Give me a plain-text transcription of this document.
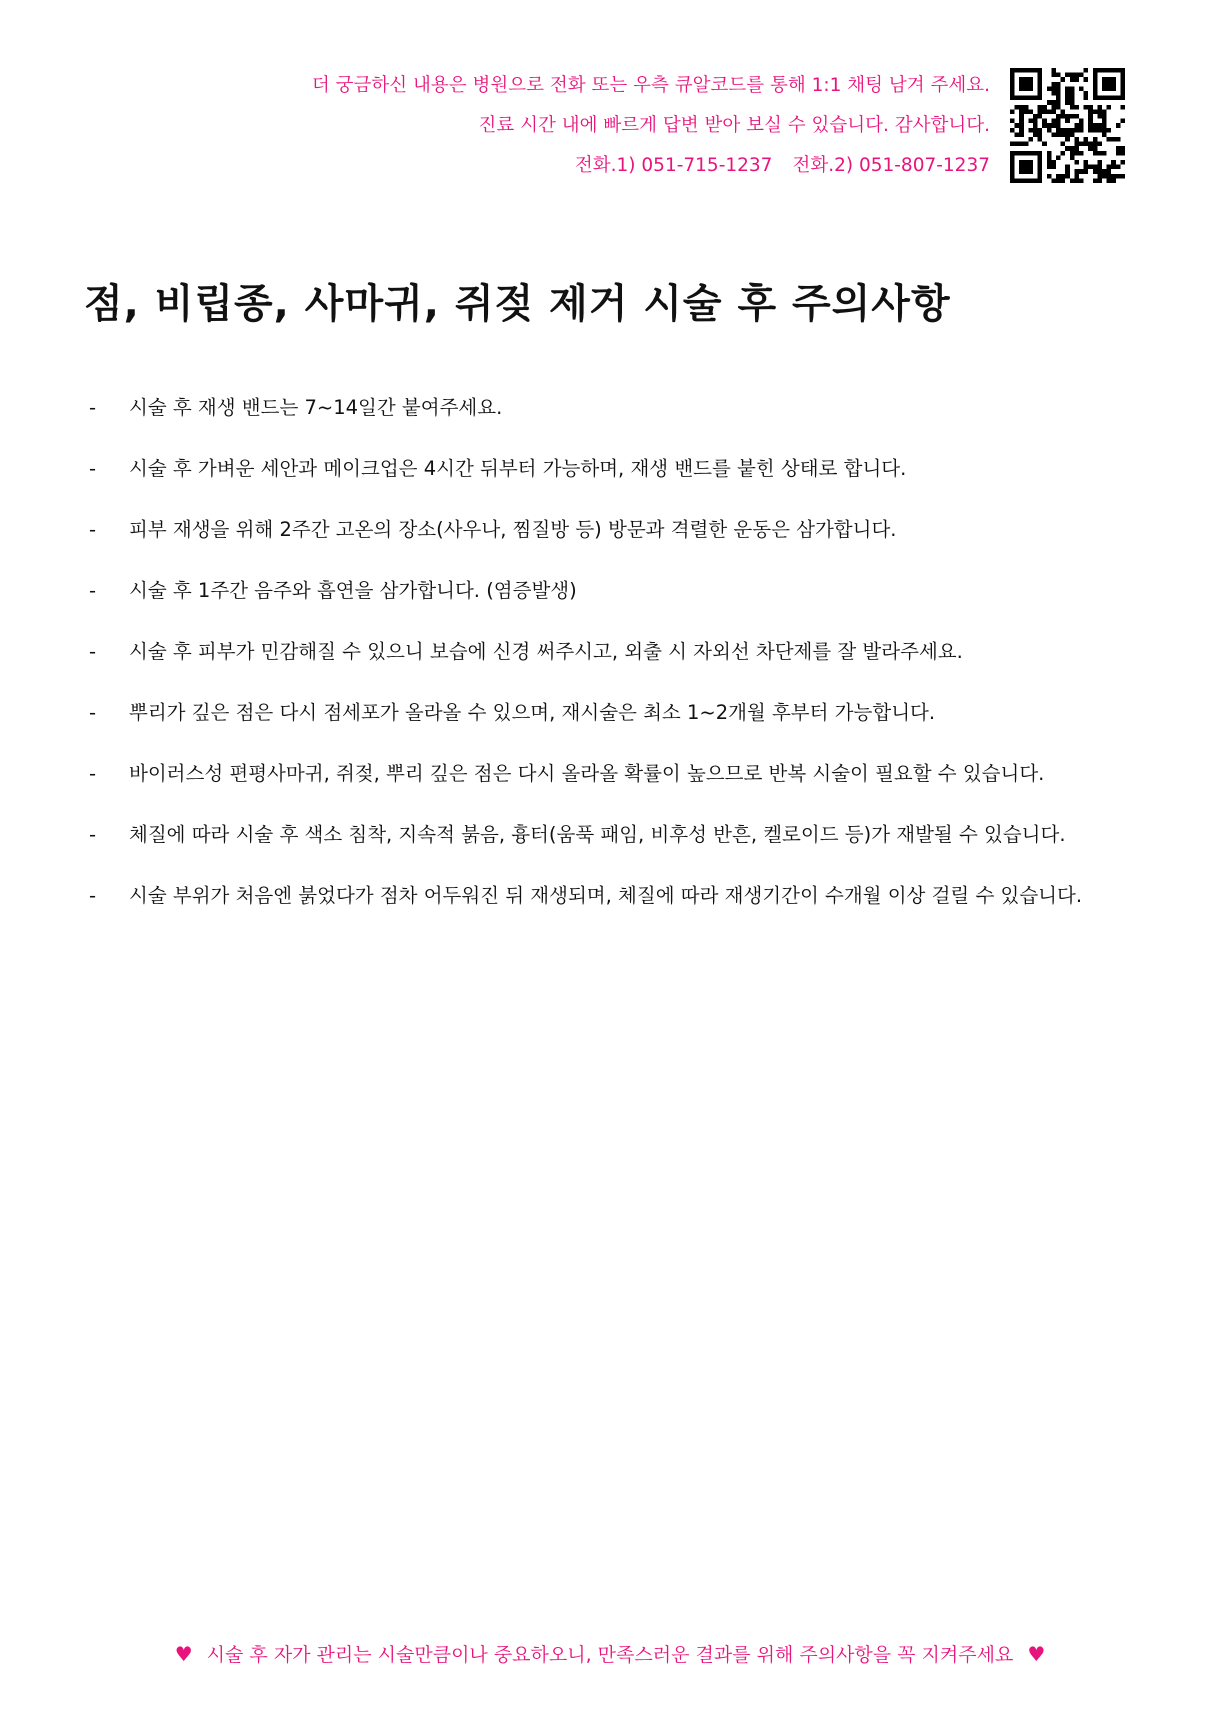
더 궁금하신 내용은 병원으로 전화 또는 우측 큐알코드를 통해 1:1 채팅 남겨 주세요.
진료 시간 내에 빠르게 답변 받아 보실 수 있습니다. 감사합니다.
전화.1) 051-715-1237 전화.2) 051-807-1237
점, 비립종, 사마귀, 쥐젖 제거 시술 후 주의사항
- 시술 후 재생 밴드는 7~14일간 붙여주세요.
- 시술 후 가벼운 세안과 메이크업은 4시간 뒤부터 가능하며, 재생 밴드를 붙힌 상태로 합니다.
- 피부 재생을 위해 2주간 고온의 장소(사우나, 찜질방 등) 방문과 격렬한 운동은 삼가합니다.
- 시술 후 1주간 음주와 흡연을 삼가합니다. (염증발생)
- 시술 후 피부가 민감해질 수 있으니 보습에 신경 써주시고, 외출 시 자외선 차단제를 잘 발라주세요.
- 뿌리가 깊은 점은 다시 점세포가 올라올 수 있으며, 재시술은 최소 1~2개월 후부터 가능합니다.
- 바이러스성 편평사마귀, 쥐젖, 뿌리 깊은 점은 다시 올라올 확률이 높으므로 반복 시술이 필요할 수 있습니다.
- 체질에 따라 시술 후 색소 침착, 지속적 붉음, 흉터(움푹 패임, 비후성 반흔, 켈로이드 등)가 재발될 수 있습니다.
- 시술 부위가 처음엔 붉었다가 점차 어두워진 뒤 재생되며, 체질에 따라 재생기간이 수개월 이상 걸릴 수 있습니다.
♥ 시술 후 자가 관리는 시술만큼이나 중요하오니, 만족스러운 결과를 위해 주의사항을 꼭 지켜주세요 ♥
